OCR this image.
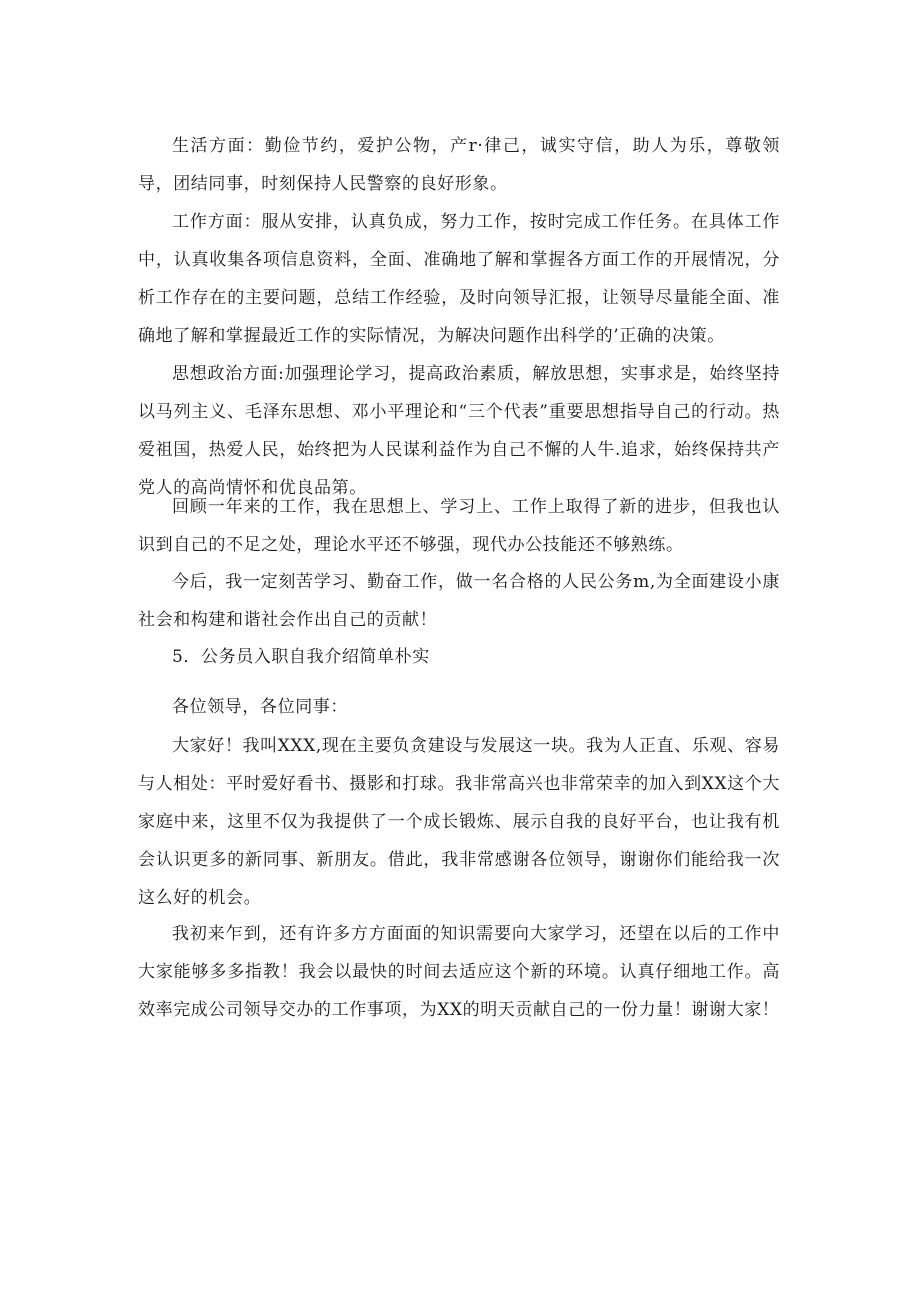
生活方面：勤俭节约，爱护公物，产r·律己，诚实守信，助人为乐，尊敬领导，团结同事，时刻保持人民警察的良好形象。

工作方面：服从安排，认真负成，努力工作，按时完成工作任务。在具体工作中，认真收集各项信息资料，全面、准确地了解和掌握各方面工作的开展情况，分析工作存在的主要问题，总结工作经验，及时向领导汇报，让领导尽量能全面、准确地了解和掌握最近工作的实际情况，为解决问题作出科学的’正确的决策。

思想政治方面:加强理论学习，提高政治素质，解放思想，实事求是，始终坚持以马列主义、毛泽东思想、邓小平理论和“三个代表”重要思想指导自己的行动。热爱祖国，热爱人民，始终把为人民谋利益作为自己不懈的人牛.追求，始终保持共产党人的高尚情怀和优良品第。

回顾一年来的工作，我在思想上、学习上、工作上取得了新的进步，但我也认识到自己的不足之处，理论水平还不够强，现代办公技能还不够熟练。

今后，我一定刻苦学习、勤奋工作，做一名合格的人民公务m,为全面建设小康社会和构建和谐社会作出自己的贡献！

5．公务员入职自我介绍简单朴实

各位领导，各位同事：

大家好！我叫XXX,现在主要负贪建设与发展这一块。我为人正直、乐观、容易与人相处：平时爱好看书、摄影和打球。我非常高兴也非常荣幸的加入到XX这个大家庭中来，这里不仅为我提供了一个成长锻炼、展示自我的良好平台，也让我有机会认识更多的新同事、新朋友。借此，我非常感谢各位领导，谢谢你们能给我一次这么好的机会。

我初来乍到，还有许多方方面面的知识需要向大家学习，还望在以后的工作中大家能够多多指教！我会以最快的时间去适应这个新的环境。认真仔细地工作。高效率完成公司领导交办的工作事项，为XX的明天贡献自己的一份力量！谢谢大家！
